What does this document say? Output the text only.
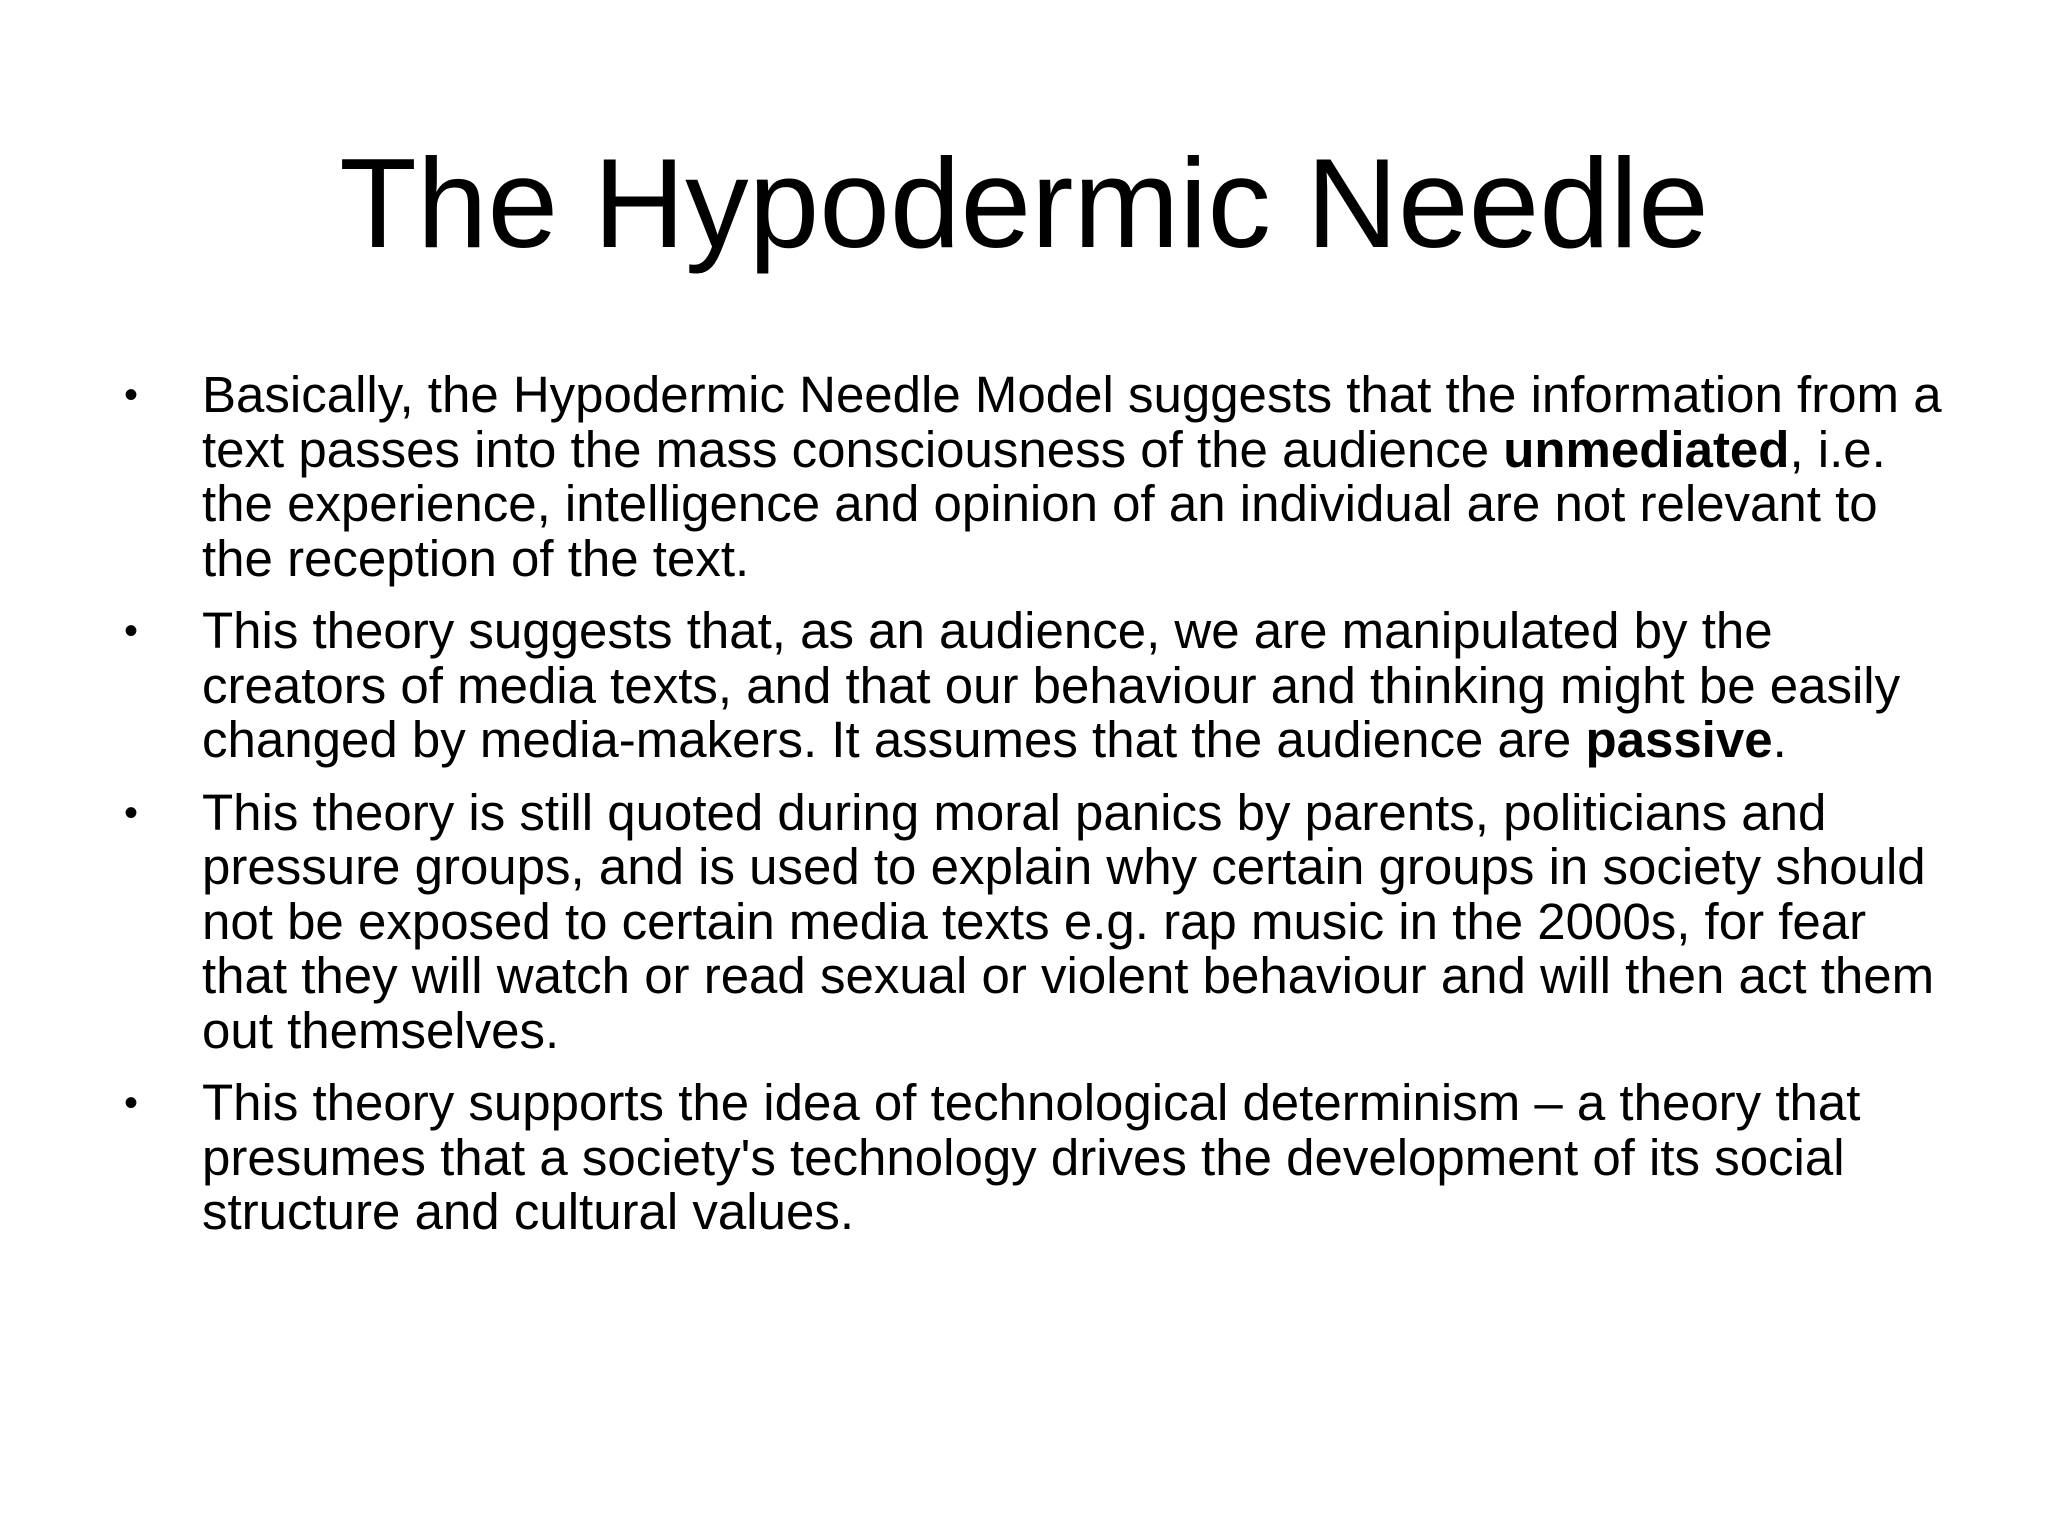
The Hypodermic Needle
• Basically, the Hypodermic Needle Model suggests that the information from a text passes into the mass consciousness of the audience unmediated, i.e. the experience, intelligence and opinion of an individual are not relevant to the reception of the text.
• This theory suggests that, as an audience, we are manipulated by the creators of media texts, and that our behaviour and thinking might be easily changed by media-makers. It assumes that the audience are passive.
• This theory is still quoted during moral panics by parents, politicians and pressure groups, and is used to explain why certain groups in society should not be exposed to certain media texts e.g. rap music in the 2000s, for fear that they will watch or read sexual or violent behaviour and will then act them out themselves.
• This theory supports the idea of technological determinism – a theory that presumes that a society's technology drives the development of its social structure and cultural values.
